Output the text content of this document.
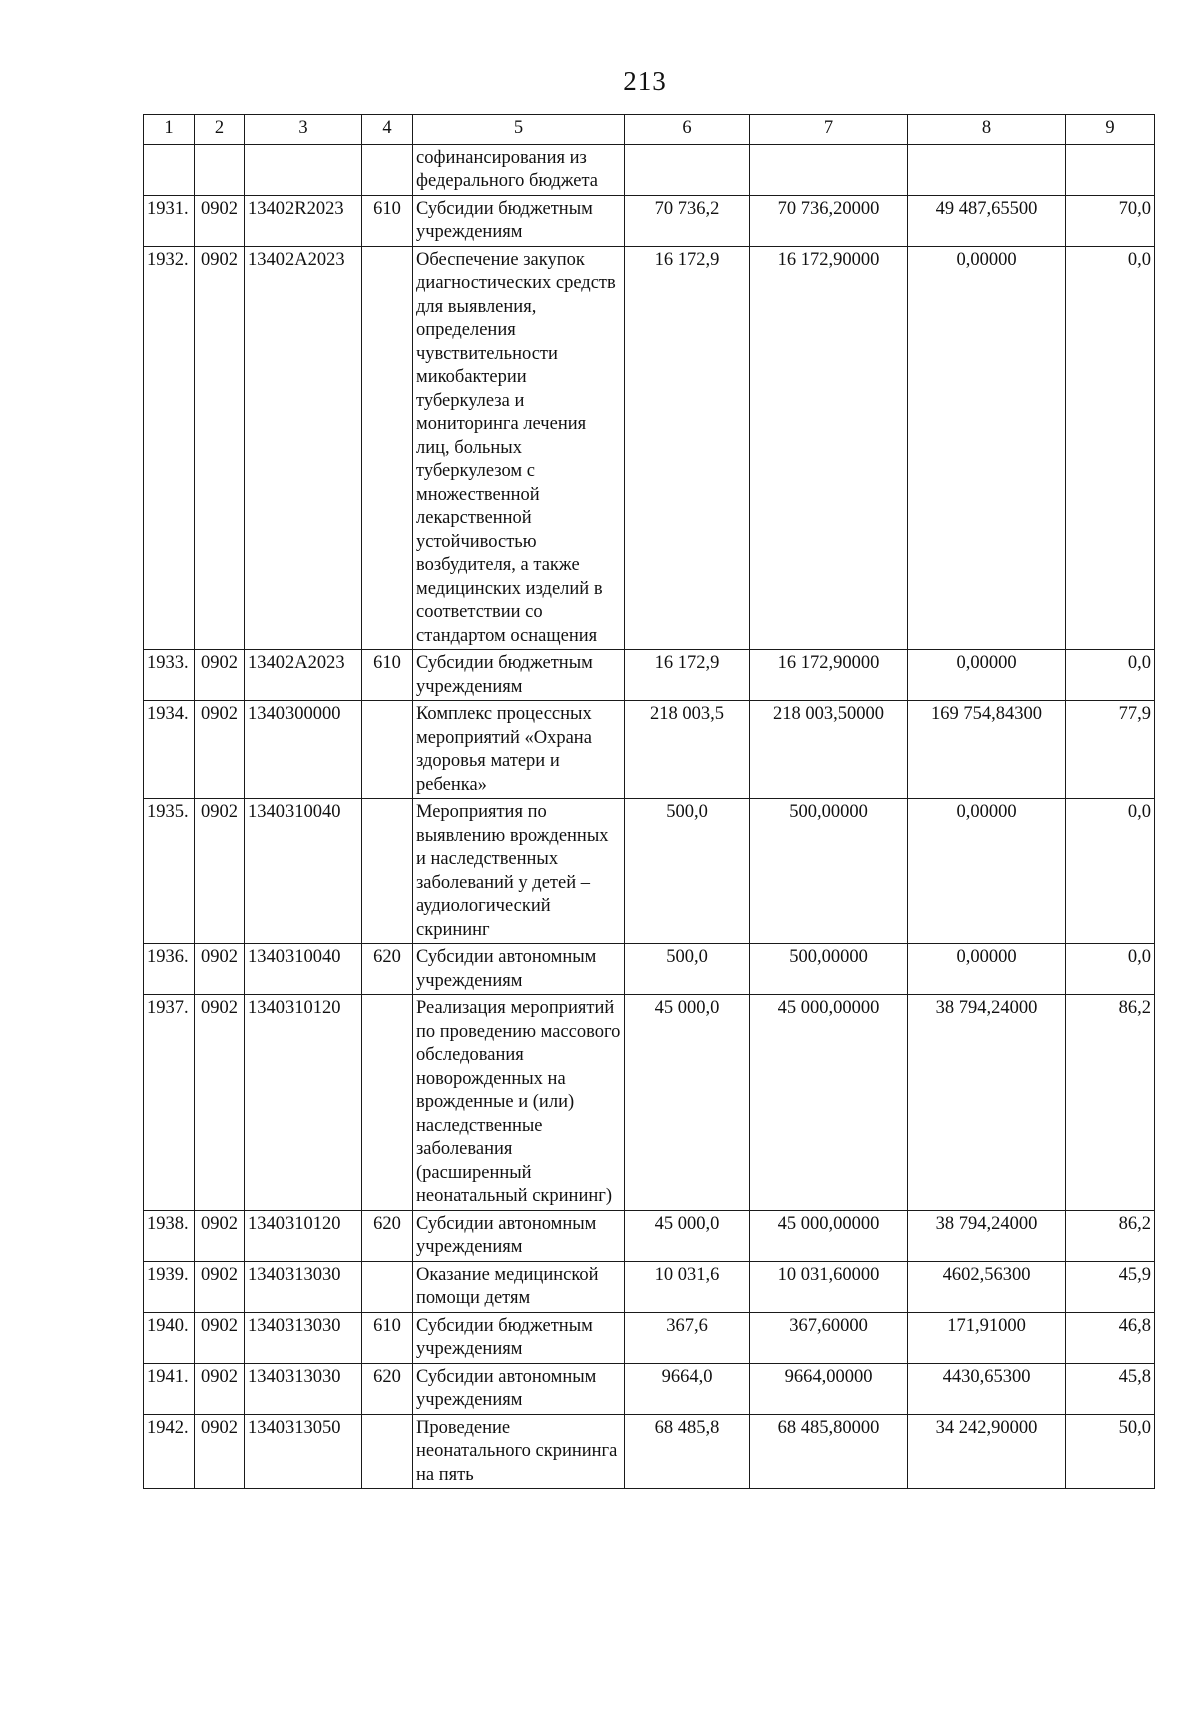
213
1	2	3	4	5	6	7	8	9
				софинансирования из федерального бюджета				
1931.	0902	13402R2023	610	Субсидии бюджетным учреждениям	70 736,2	70 736,20000	49 487,65500	70,0
1932.	0902	13402A2023		Обеспечение закупок диагностических средств для выявления, определения чувствительности микобактерии туберкулеза и мониторинга лечения лиц, больных туберкулезом с множественной лекарственной устойчивостью возбудителя, а также медицинских изделий в соответствии со стандартом оснащения	16 172,9	16 172,90000	0,00000	0,0
1933.	0902	13402A2023	610	Субсидии бюджетным учреждениям	16 172,9	16 172,90000	0,00000	0,0
1934.	0902	1340300000		Комплекс процессных мероприятий «Охрана здоровья матери и ребенка»	218 003,5	218 003,50000	169 754,84300	77,9
1935.	0902	1340310040		Мероприятия по выявлению врожденных и наследственных заболеваний у детей – аудиологический скрининг	500,0	500,00000	0,00000	0,0
1936.	0902	1340310040	620	Субсидии автономным учреждениям	500,0	500,00000	0,00000	0,0
1937.	0902	1340310120		Реализация мероприятий по проведению массового обследования новорожденных на врожденные и (или) наследственные заболевания (расширенный неонатальный скрининг)	45 000,0	45 000,00000	38 794,24000	86,2
1938.	0902	1340310120	620	Субсидии автономным учреждениям	45 000,0	45 000,00000	38 794,24000	86,2
1939.	0902	1340313030		Оказание медицинской помощи детям	10 031,6	10 031,60000	4602,56300	45,9
1940.	0902	1340313030	610	Субсидии бюджетным учреждениям	367,6	367,60000	171,91000	46,8
1941.	0902	1340313030	620	Субсидии автономным учреждениям	9664,0	9664,00000	4430,65300	45,8
1942.	0902	1340313050		Проведение неонатального скрининга на пять	68 485,8	68 485,80000	34 242,90000	50,0
